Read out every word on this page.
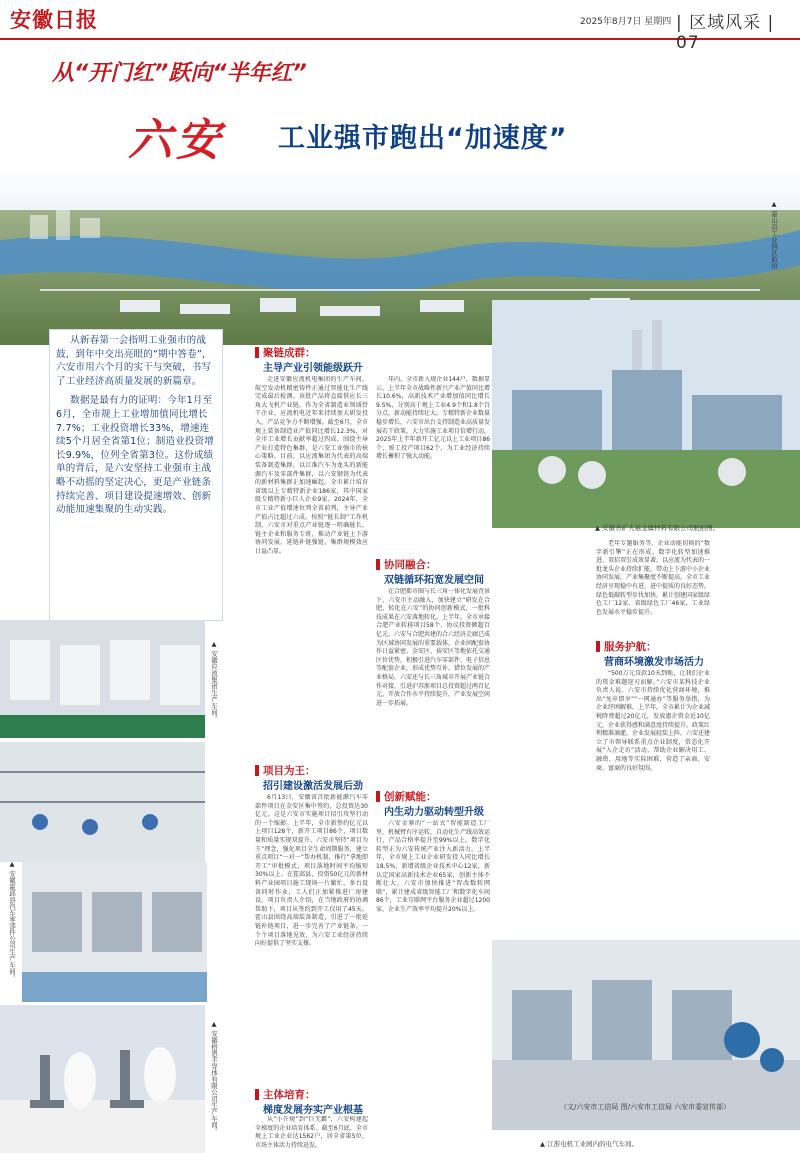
安徽日报	2025年8月7日 星期四 | 区域风采 | 07
从“开门红”跃向“半年红”
六安 工业强市跑出“加速度”
▲ 霍山县工业园区航拍

从新春第一会指明工业强市的战鼓，到年中交出亮眼的“期中答卷”，六安市用六个月的实干与突破，书写了工业经济高质量发展的新篇章。

数据是最有力的证明：今年1月至6月，全市规上工业增加值同比增长7.7%；工业投资增长33%，增速连续5个月居全省第1位；制造业投资增长9.9%，位列全省第3位。这份成绩单的背后，是六安坚持工业强市主战略不动摇的坚定决心，更是产业链条持续完善、项目建设提速增效、创新动能加速集聚的生动实践。

▲ 安徽应流集团生产车间。
▲ 安徽霍邱县汽车零部件公司生产车间。
▲ 安徽格恩半导体有限公司生产车间。
聚链成群：
主导产业引领能级跃升

走进安徽应流机电集团的生产车间，航空发动机精密铸件正通过智能化生产线完成最后检测。该批产品将直接供应长三角大飞机产业链，作为全省制造业领域骨干企业，应流机电近年来持续加大研发投入，产品竞争力不断增强。截至6月，全市规上装备制造业产值同比增长12.3%，对全市工业增长贡献率超过四成。围绕主导产业打造特色集群，是六安工业强市的核心策略。目前，以应流集团为代表的高端装备制造集群，以江淮汽车为龙头的新能源汽车及零部件集群，以六安钢铁为代表的新材料集群正加速崛起。全市累计培育省级以上专精特新企业186家，其中国家级专精特新小巨人企业9家。2024年，全市工业产值增速位列全省前列，主导产业产值占比超过六成。按照“链长制”工作机制，六安市对重点产业链逐一明确链长、链主企业和服务专班，推动产业链上下游协同发展，延链补链强链，集群规模效应日益凸显。

项目为王：
招引建设激活发展后劲

6月13日，安徽省首批新能源汽车零部件项目在金安区集中签约，总投资达30亿元。这是六安市实施项目招引攻坚行动的一个缩影。上半年，全市新签约亿元以上项目128个，新开工项目86个，项目数量和质量实现双提升。六安市坚持“项目为王”理念，强化项目全生命周期服务，建立重点项目“一对一”帮办机制，推行“拿地即开工”审批模式，项目落地时间平均缩短30%以上。在霍邱县，投资50亿元的新材料产业园项目施工现场一片繁忙，多台设备同时作业，工人们正加紧推进厂房建设。项目负责人介绍，在当地政府的协调帮助下，项目从签约到开工仅用了45天。霍山县围绕高端装备制造，引进了一批延链补链项目，进一步完善了产业链条。一个个项目落地见效，为六安工业经济持续向好提供了坚实支撑。

主体培育：
梯度发展夯实产业根基

从“小升规”到“巨无霸”，六安构建起全梯度的企业培育体系。截至6月底，全市规上工业企业达1562户，居全省第5位，市场主体活力持续迸发。

年内，全市新入规企业144户，数据显示，上半年全市战略性新兴产业产值同比增长10.6%，高新技术产业增加值同比增长9.5%，分别高于规上工业4.9个和1.8个百分点，新动能持续壮大。专精特新企业数量稳步增长，六安市出台支持制造业高质量发展若干政策，大力实施工业项目倍增行动，2025年上半年新开工亿元以上工业项目86个，竣工投产项目62个，为工业经济持续增长蓄积了强大动能。

协同融合：
双链循环拓宽发展空间

在合肥都市圈与长三角一体化发展背景下，六安市主动融入，加快建立“研发在合肥、转化在六安”的协同创新模式，一批科技成果在六安落地转化。上半年，全市承接合肥产业转移项目58个，协议投资额超百亿元。六安与合肥共建的合六经济走廊已成为区域协同发展的重要载体，企业间配套协作日益紧密。金安区、裕安区等地依托交通区位优势，积极引进汽车零部件、电子信息等配套企业，形成优势互补、错位发展的产业格局。六安还与长三角城市开展产业链合作对接，引进沪苏浙项目总投资超过两百亿元，开放合作水平持续提升，产业发展空间进一步拓展。

创新赋能：
内生动力驱动转型升级

六安金寨的“一站式”智能制造工厂里，机械臂有序运转，自动化生产线高效运行，产品合格率提升至99%以上。数字化转型正为六安传统产业注入新活力。上半年，全市规上工业企业研发投入同比增长18.5%，新增省级企业技术中心12家，新认定国家高新技术企业65家，创新主体不断壮大。六安市加快推进“智改数转网联”，累计建成省级智能工厂和数字化车间86个，工业互联网平台服务企业超过1200家，企业生产效率平均提升20%以上。

▲ 安徽省矿大基金属材料有限公司航拍图。

老年专题服务等，企业动能切换的“数字新引擎”正在形成。数字化转型加速推进，双招双引成效显著，以应流为代表的一批龙头企业持续扩能，带动上下游中小企业协同发展，产业集聚度不断提高，全市工业经济呈现稳中有进、进中提质的良好态势。绿色低碳转型步伐加快，累计创建国家级绿色工厂12家、省级绿色工厂46家，工业绿色发展水平稳步提升。

服务护航：
营商环境激发市场活力

“500万元贷款10天到账，让我们企业的资金难题迎刃而解。”六安市某科技企业负责人说。六安市持续优化营商环境，推出“免申即享”“一网通办”等服务举措，为企业纾困解难。上半年，全市累计为企业减税降费超过20亿元，发放惠企资金近10亿元，企业获得感和满意度持续提升。政策红利精准滴灌，企业发展轻装上阵。六安还建立了市领导联系重点企业制度，常态化开展“入企走访”活动，帮助企业解决用工、融资、用地等实际困难，营造了亲商、安商、富商的良好氛围。

（文/六安市工信局 图/六安市工信局 六安市委宣传部）
▲ 江淮电机工业园内的电气车间。
